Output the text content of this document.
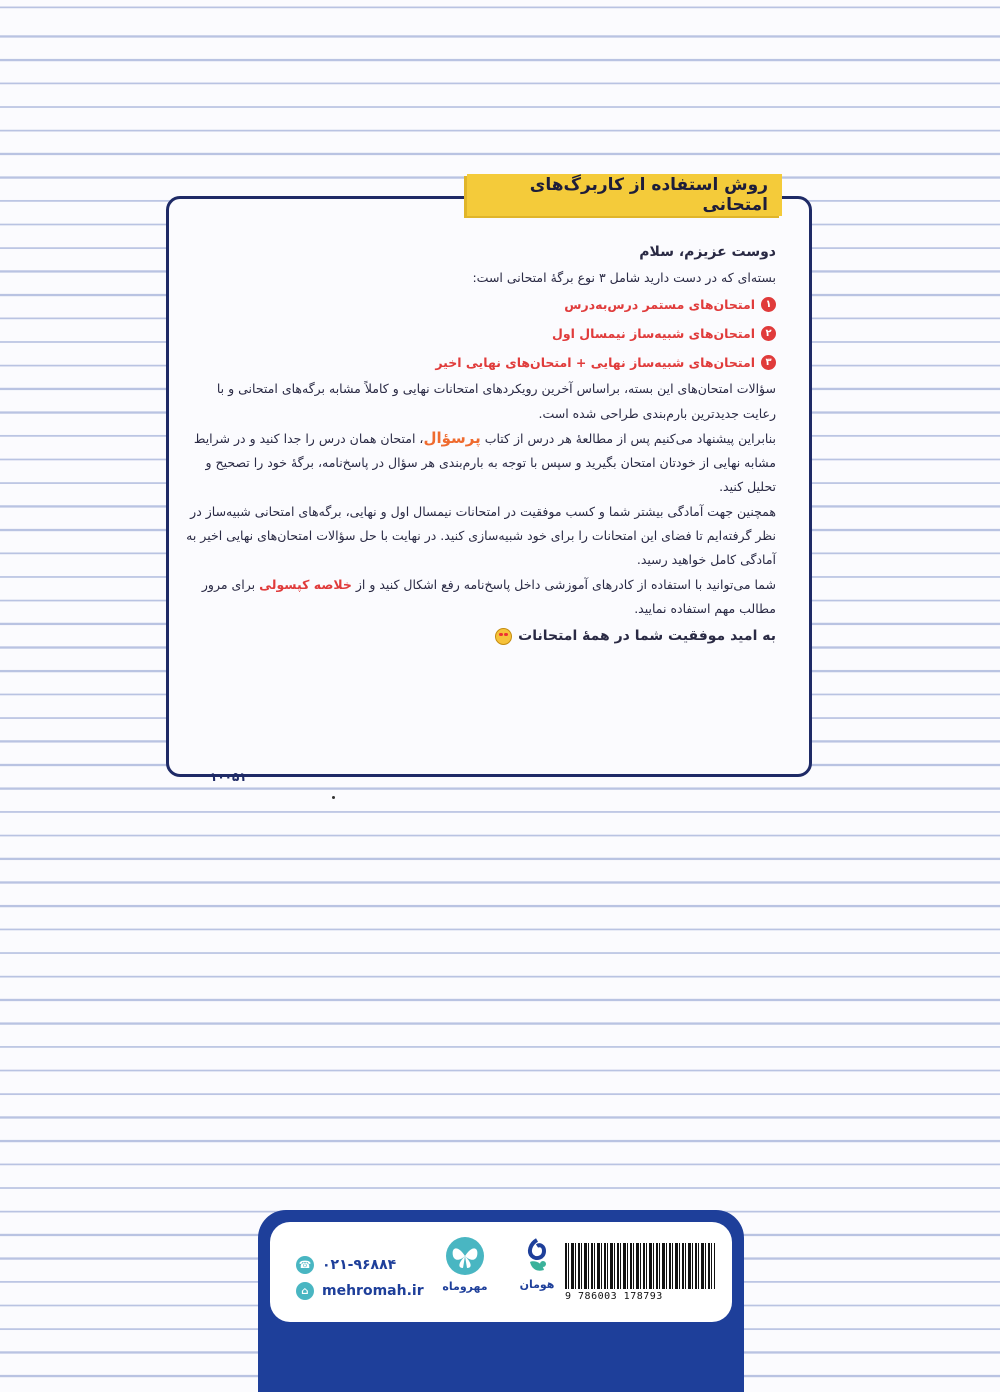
روش استفاده از کاربرگ‌های امتحانی

دوست عزیزم، سلام

بسته‌ای که در دست دارید شامل ۳ نوع برگهٔ امتحانی است:

۱
امتحان‌های مستمر درس‌به‌درس
۲
امتحان‌های شبیه‌ساز نیمسال اول
۳
امتحان‌های شبیه‌ساز نهایی + امتحان‌های نهایی اخیر

سؤالات امتحان‌های این بسته، براساس آخرین رویکردهای امتحانات نهایی و کاملاً مشابه برگه‌های امتحانی و با رعایت جدیدترین بارم‌بندی طراحی شده است.

بنابراین پیشنهاد می‌کنیم پس از مطالعهٔ هر درس از کتاب پرسؤال، امتحان همان درس را جدا کنید و در شرایط مشابه نهایی از خودتان امتحان بگیرید و سپس با توجه به بارم‌بندی هر سؤال در پاسخ‌نامه، برگهٔ خود را تصحیح و تحلیل کنید.

همچنین جهت آمادگی بیشتر شما و کسب موفقیت در امتحانات نیمسال اول و نهایی، برگه‌های امتحانی شبیه‌ساز در نظر گرفته‌ایم تا فضای این امتحانات را برای خود شبیه‌سازی کنید. در نهایت با حل سؤالات امتحان‌های نهایی اخیر به آمادگی کامل خواهید رسید.

شما می‌توانید با استفاده از کادرهای آموزشی داخل پاسخ‌نامه رفع اشکال کنید و از خلاصه کپسولی برای مرور مطالب مهم استفاده نمایید.

به امید موفقیت شما در همهٔ امتحانات
۱۰۰۵۱
9 786003 178793
هومان
مهروماه
☎ ۰۲۱-۹۶۸۸۴
⌂ mehromah.ir
